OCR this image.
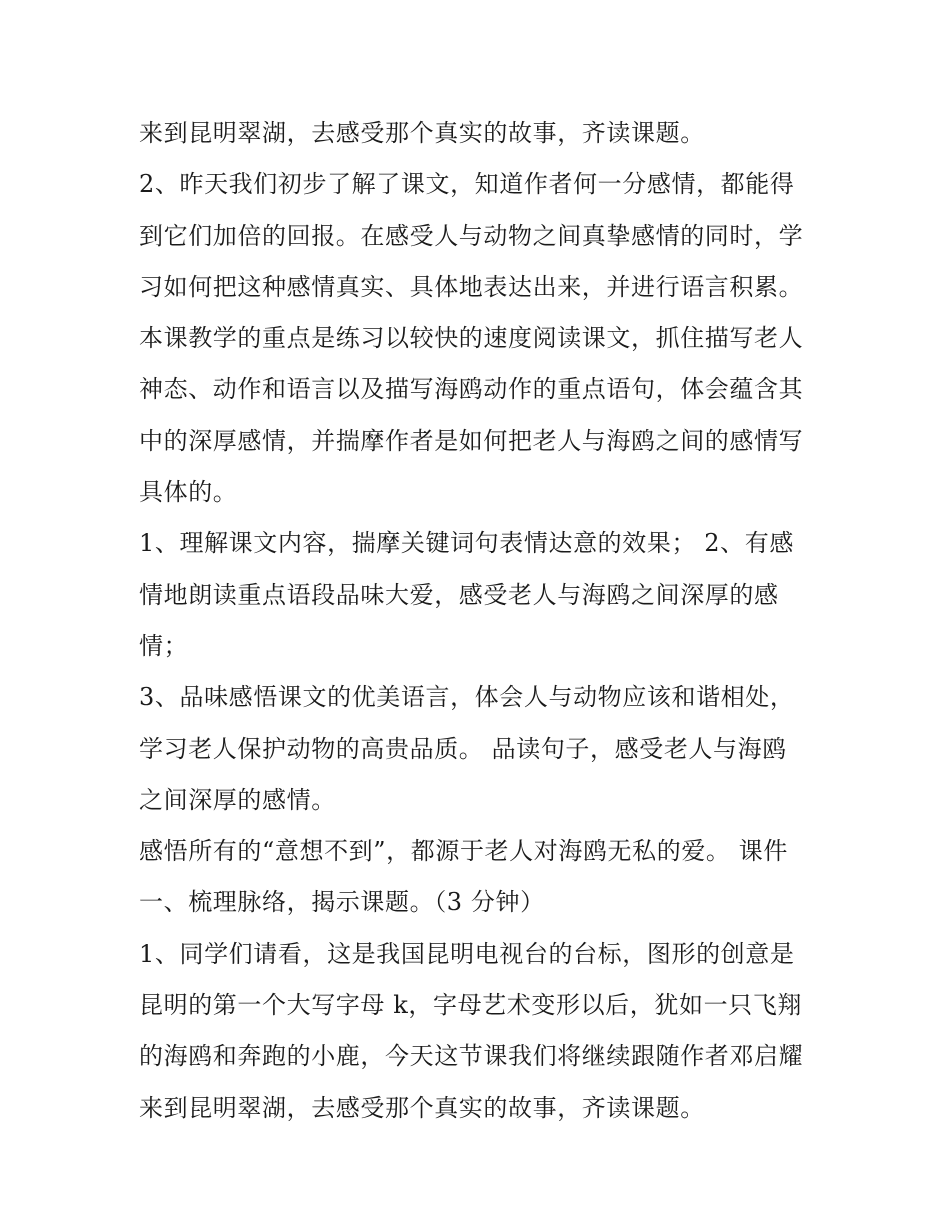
来到昆明翠湖，去感受那个真实的故事，齐读课题。
2、昨天我们初步了解了课文，知道作者何一分感情，都能得
到它们加倍的回报。在感受人与动物之间真挚感情的同时，学
习如何把这种感情真实、具体地表达出来，并进行语言积累。
本课教学的重点是练习以较快的速度阅读课文，抓住描写老人
神态、动作和语言以及描写海鸥动作的重点语句，体会蕴含其
中的深厚感情，并揣摩作者是如何把老人与海鸥之间的感情写
具体的。
1、理解课文内容，揣摩关键词句表情达意的效果； 2、有感
情地朗读重点语段品味大爱，感受老人与海鸥之间深厚的感
情；
3、品味感悟课文的优美语言，体会人与动物应该和谐相处，
学习老人保护动物的高贵品质。 品读句子，感受老人与海鸥
之间深厚的感情。
感悟所有的“意想不到”，都源于老人对海鸥无私的爱。 课件
一、梳理脉络，揭示课题。（3 分钟）
1、同学们请看，这是我国昆明电视台的台标，图形的创意是
昆明的第一个大写字母 k，字母艺术变形以后，犹如一只飞翔
的海鸥和奔跑的小鹿，今天这节课我们将继续跟随作者邓启耀
来到昆明翠湖，去感受那个真实的故事，齐读课题。
